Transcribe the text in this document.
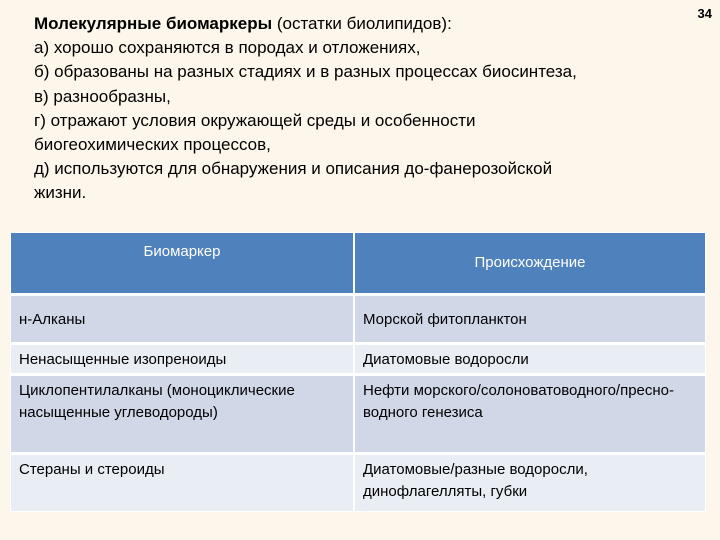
34
Молекулярные биомаркеры (остатки биолипидов):
а) хорошо сохраняются в породах и отложениях,
б) образованы на разных стадиях и в разных процессах биосинтеза,
в) разнообразны,
г) отражают условия окружающей среды и особенности
биогеохимических процессов,
д) используются для обнаружения и описания до-фанерозойской
жизни.
Биомаркер	Происхождение
н-Алканы	Морской фитопланктон
Ненасыщенные изопреноиды	Диатомовые водоросли
Циклопентилалканы (моноциклические насыщенные углеводороды)	Нефти морского/солоноватоводного/пресно-водного генезиса
Стераны и стероиды	Диатомовые/разные водоросли, динофлагелляты, губки
